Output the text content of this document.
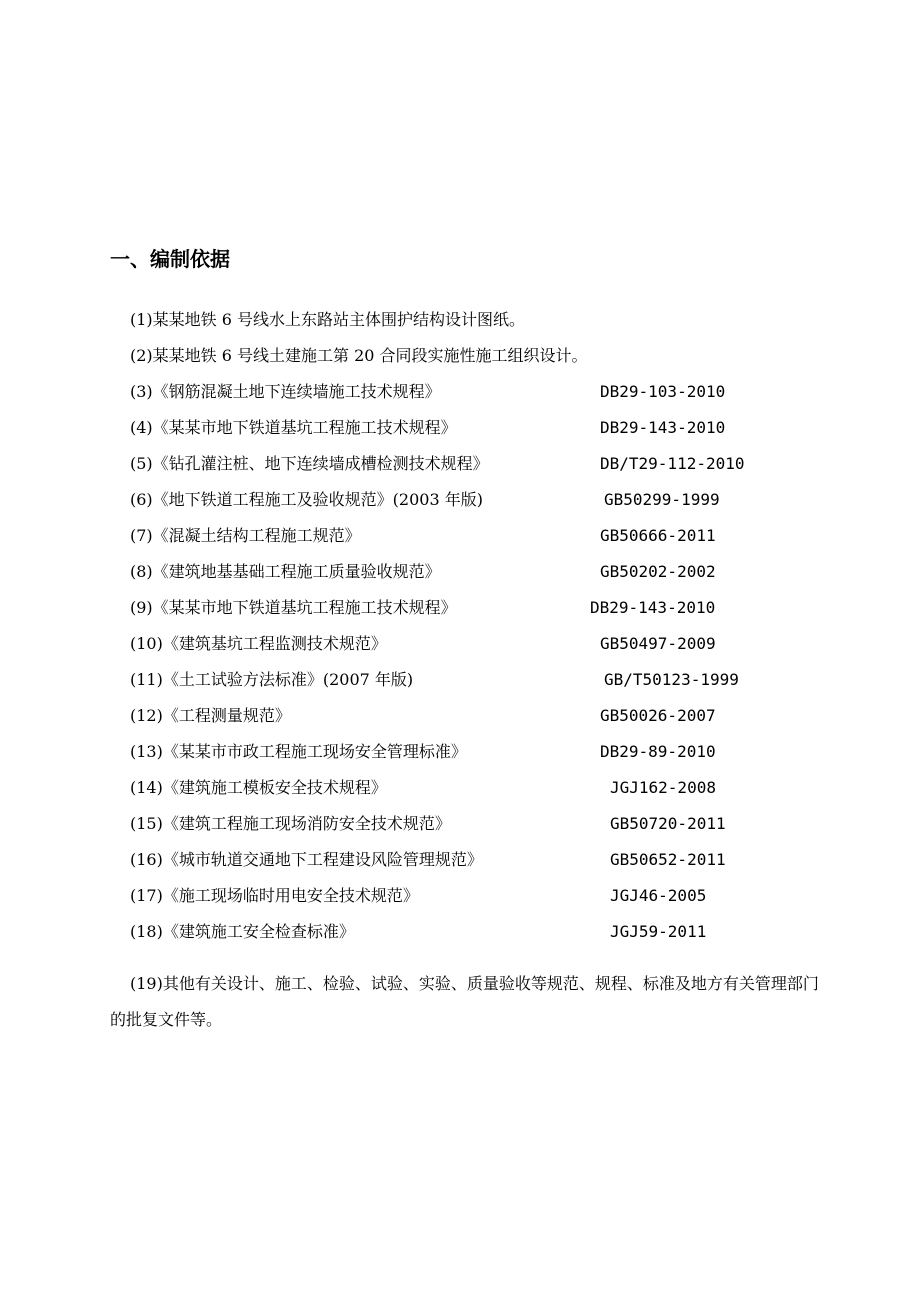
一、编制依据
(1)某某地铁 6 号线水上东路站主体围护结构设计图纸。
(2)某某地铁 6 号线土建施工第 20 合同段实施性施工组织设计。
(3)《钢筋混凝土地下连续墙施工技术规程》	DB29-103-2010
(4)《某某市地下铁道基坑工程施工技术规程》	DB29-143-2010
(5)《钻孔灌注桩、地下连续墙成槽检测技术规程》	DB/T29-112-2010
(6)《地下铁道工程施工及验收规范》(2003 年版)	GB50299-1999
(7)《混凝土结构工程施工规范》	GB50666-2011
(8)《建筑地基基础工程施工质量验收规范》	GB50202-2002
(9)《某某市地下铁道基坑工程施工技术规程》	DB29-143-2010
(10)《建筑基坑工程监测技术规范》	GB50497-2009
(11)《土工试验方法标准》(2007 年版)	GB/T50123-1999
(12)《工程测量规范》	GB50026-2007
(13)《某某市市政工程施工现场安全管理标准》	DB29-89-2010
(14)《建筑施工模板安全技术规程》	JGJ162-2008
(15)《建筑工程施工现场消防安全技术规范》	GB50720-2011
(16)《城市轨道交通地下工程建设风险管理规范》	GB50652-2011
(17)《施工现场临时用电安全技术规范》	JGJ46-2005
(18)《建筑施工安全检查标准》	JGJ59-2011

(19)其他有关设计、施工、检验、试验、实验、质量验收等规范、规程、标准及地方有关管理部门的批复文件等。
